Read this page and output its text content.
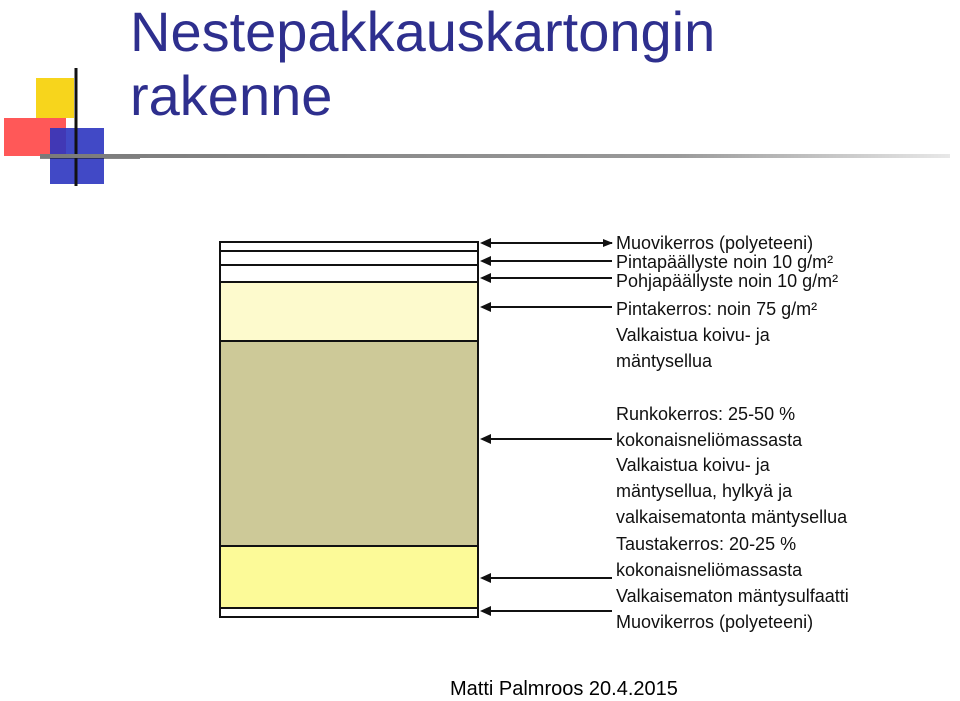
Nestepakkauskartongin
rakenne
Muovikerros (polyeteeni)
Pintapäällyste noin 10 g/m²
Pohjapäällyste noin 10 g/m²
Pintakerros: noin 75 g/m²
Valkaistua koivu- ja
mäntysellua
Runkokerros: 25-50 %
kokonaisneliömassasta
Valkaistua koivu- ja
mäntysellua, hylkyä ja
valkaisematonta mäntysellua
Taustakerros: 20-25 %
kokonaisneliömassasta
Valkaisematon mäntysulfaatti
Muovikerros (polyeteeni)
Matti Palmroos 20.4.2015
